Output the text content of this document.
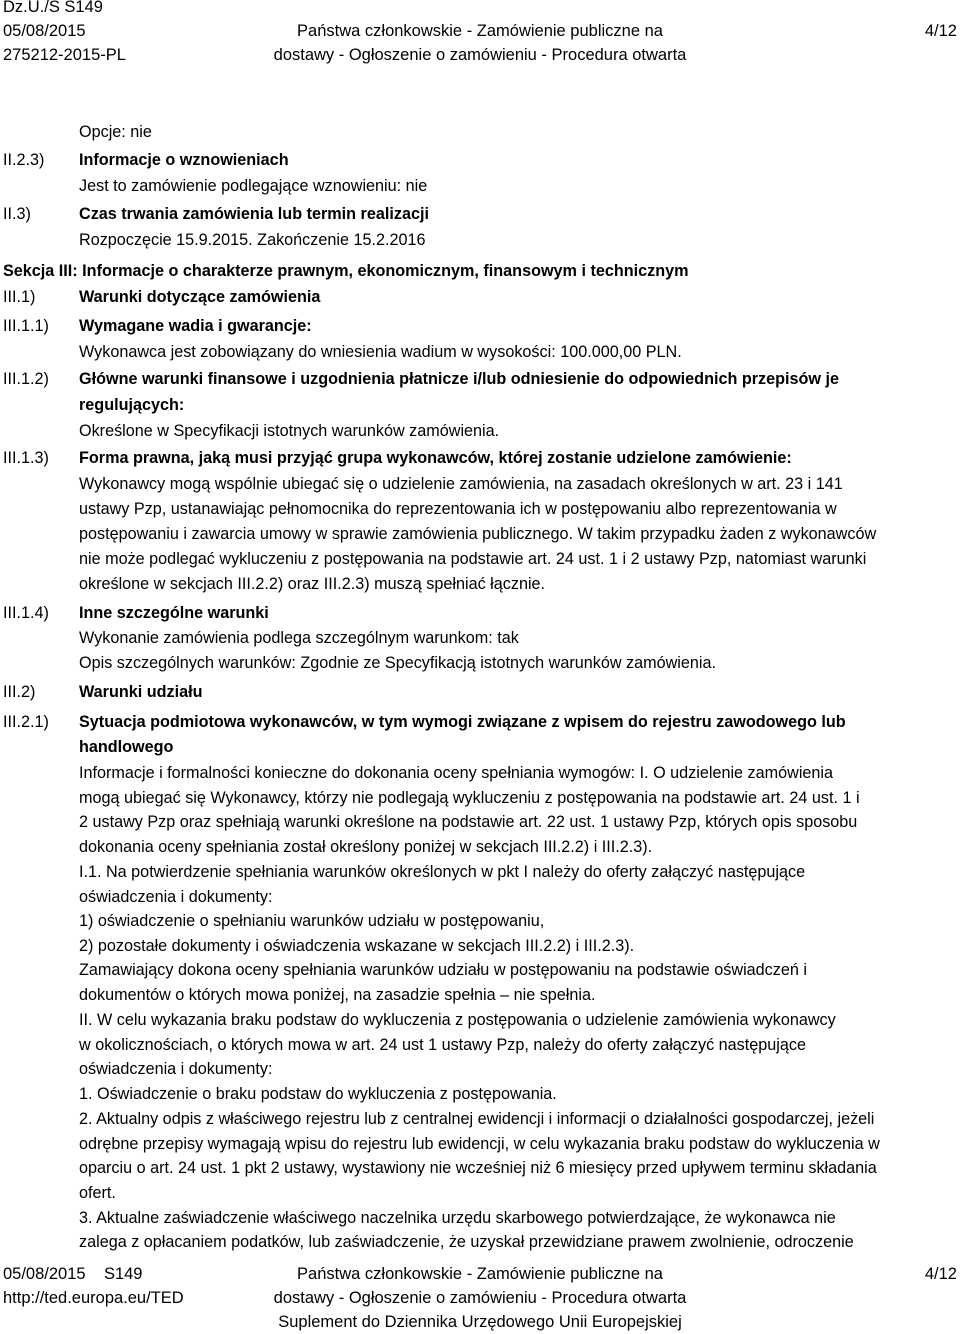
Dz.U./S S149
05/08/2015
275212-2015-PL
Państwa członkowskie - Zamówienie publiczne na
dostawy - Ogłoszenie o zamówieniu - Procedura otwarta
4/12
II.2.3)
II.3)
III.1)
III.1.1)
III.1.2)
III.1.3)
III.1.4)
III.2)
III.2.1)
Opcje: nie
Informacje o wznowieniach
Jest to zamówienie podlegające wznowieniu: nie
Czas trwania zamówienia lub termin realizacji
Rozpoczęcie 15.9.2015. Zakończenie 15.2.2016
Sekcja III: Informacje o charakterze prawnym, ekonomicznym, finansowym i technicznym
Warunki dotyczące zamówienia
Wymagane wadia i gwarancje:
Wykonawca jest zobowiązany do wniesienia wadium w wysokości: 100.000,00 PLN.
Główne warunki finansowe i uzgodnienia płatnicze i/lub odniesienie do odpowiednich przepisów je
regulujących:
Określone w Specyfikacji istotnych warunków zamówienia.
Forma prawna, jaką musi przyjąć grupa wykonawców, której zostanie udzielone zamówienie:
Wykonawcy mogą wspólnie ubiegać się o udzielenie zamówienia, na zasadach określonych w art. 23 i 141
ustawy Pzp, ustanawiając pełnomocnika do reprezentowania ich w postępowaniu albo reprezentowania w
postępowaniu i zawarcia umowy w sprawie zamówienia publicznego. W takim przypadku żaden z wykonawców
nie może podlegać wykluczeniu z postępowania na podstawie art. 24 ust. 1 i 2 ustawy Pzp, natomiast warunki
określone w sekcjach III.2.2) oraz III.2.3) muszą spełniać łącznie.
Inne szczególne warunki
Wykonanie zamówienia podlega szczególnym warunkom: tak
Opis szczególnych warunków: Zgodnie ze Specyfikacją istotnych warunków zamówienia.
Warunki udziału
Sytuacja podmiotowa wykonawców, w tym wymogi związane z wpisem do rejestru zawodowego lub
handlowego
Informacje i formalności konieczne do dokonania oceny spełniania wymogów: I. O udzielenie zamówienia
mogą ubiegać się Wykonawcy, którzy nie podlegają wykluczeniu z postępowania na podstawie art. 24 ust. 1 i
2 ustawy Pzp oraz spełniają warunki określone na podstawie art. 22 ust. 1 ustawy Pzp, których opis sposobu
dokonania oceny spełniania został określony poniżej w sekcjach III.2.2) i III.2.3).
I.1. Na potwierdzenie spełniania warunków określonych w pkt I należy do oferty załączyć następujące
oświadczenia i dokumenty:
1) oświadczenie o spełnianiu warunków udziału w postępowaniu,
2) pozostałe dokumenty i oświadczenia wskazane w sekcjach III.2.2) i III.2.3).
Zamawiający dokona oceny spełniania warunków udziału w postępowaniu na podstawie oświadczeń i
dokumentów o których mowa poniżej, na zasadzie spełnia – nie spełnia.
II. W celu wykazania braku podstaw do wykluczenia z postępowania o udzielenie zamówienia wykonawcy
w okolicznościach, o których mowa w art. 24 ust 1 ustawy Pzp, należy do oferty załączyć następujące
oświadczenia i dokumenty:
1. Oświadczenie o braku podstaw do wykluczenia z postępowania.
2. Aktualny odpis z właściwego rejestru lub z centralnej ewidencji i informacji o działalności gospodarczej, jeżeli
odrębne przepisy wymagają wpisu do rejestru lub ewidencji, w celu wykazania braku podstaw do wykluczenia w
oparciu o art. 24 ust. 1 pkt 2 ustawy, wystawiony nie wcześniej niż 6 miesięcy przed upływem terminu składania
ofert.
3. Aktualne zaświadczenie właściwego naczelnika urzędu skarbowego potwierdzające, że wykonawca nie
zalega z opłacaniem podatków, lub zaświadczenie, że uzyskał przewidziane prawem zwolnienie, odroczenie
05/08/2015 S149
http://ted.europa.eu/TED
Państwa członkowskie - Zamówienie publiczne na
dostawy - Ogłoszenie o zamówieniu - Procedura otwarta
Suplement do Dziennika Urzędowego Unii Europejskiej
4/12
